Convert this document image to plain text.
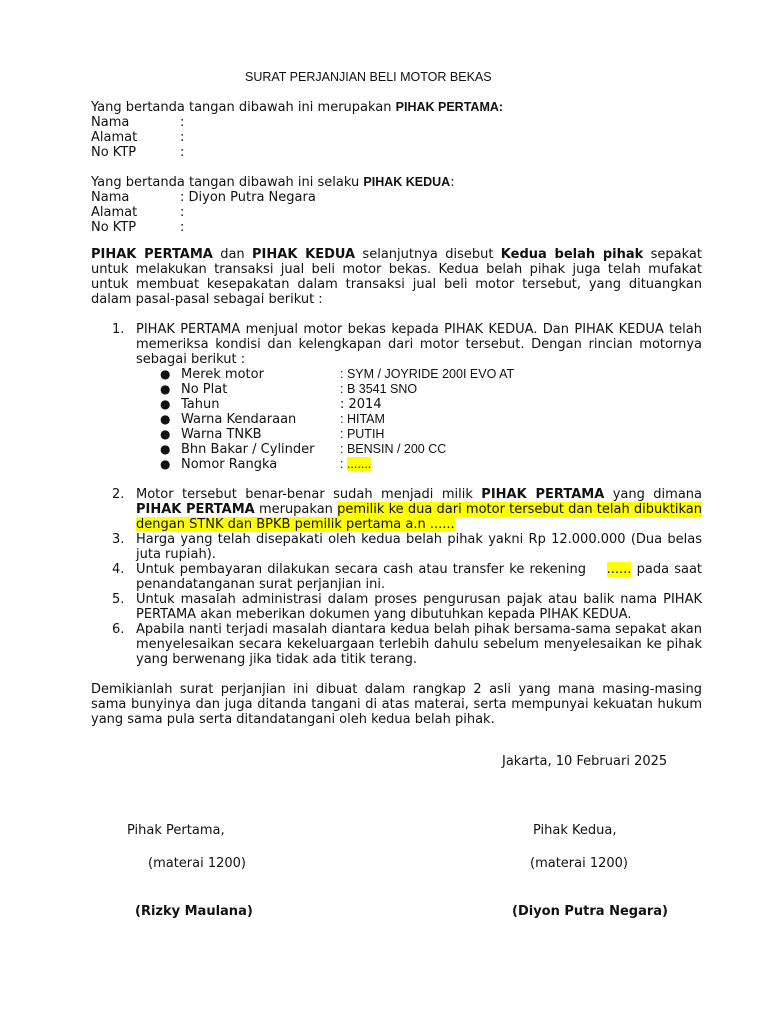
SURAT PERJANJIAN BELI MOTOR BEKAS
Yang bertanda tangan dibawah ini merupakan PIHAK PERTAMA:
Nama	:
Alamat	:
No KTP	:
Yang bertanda tangan dibawah ini selaku PIHAK KEDUA:
Nama	: Diyon Putra Negara
Alamat	:
No KTP	:
PIHAK PERTAMA dan PIHAK KEDUA selanjutnya disebut Kedua belah pihak sepakat untuk melakukan transaksi jual beli motor bekas. Kedua belah pihak juga telah mufakat untuk membuat kesepakatan dalam transaksi jual beli motor tersebut, yang dituangkan dalam pasal-pasal sebagai berikut :
1. PIHAK PERTAMA menjual motor bekas kepada PIHAK KEDUA. Dan PIHAK KEDUA telah memeriksa kondisi dan kelengkapan dari motor tersebut. Dengan rincian motornya sebagai berikut :
● Merek motor	: SYM / JOYRIDE 200I EVO AT
● No Plat	: B 3541 SNO
● Tahun	: 2014
● Warna Kendaraan	: HITAM
● Warna TNKB	: PUTIH
● Bhn Bakar / Cylinder : BENSIN / 200 CC
● Nomor Rangka	: .......
2. Motor tersebut benar-benar sudah menjadi milik PIHAK PERTAMA yang dimana PIHAK PERTAMA merupakan pemilik ke dua dari motor tersebut dan telah dibuktikan dengan STNK dan BPKB pemilik pertama a.n ......
3. Harga yang telah disepakati oleh kedua belah pihak yakni Rp 12.000.000 (Dua belas juta rupiah).
4. Untuk pembayaran dilakukan secara cash atau transfer ke rekening    ...... pada saat penandatanganan surat perjanjian ini.
5. Untuk masalah administrasi dalam proses pengurusan pajak atau balik nama PIHAK PERTAMA akan meberikan dokumen yang dibutuhkan kepada PIHAK KEDUA.
6. Apabila nanti terjadi masalah diantara kedua belah pihak bersama-sama sepakat akan menyelesaikan secara kekeluargaan terlebih dahulu sebelum menyelesaikan ke pihak yang berwenang jika tidak ada titik terang.
Demikianlah surat perjanjian ini dibuat dalam rangkap 2 asli yang mana masing-masing sama bunyinya dan juga ditanda tangani di atas materai, serta mempunyai kekuatan hukum yang sama pula serta ditandatangani oleh kedua belah pihak.
Jakarta, 10 Februari 2025
Pihak Pertama,	Pihak Kedua,
(materai 1200)	(materai 1200)
(Rizky Maulana)	(Diyon Putra Negara)
